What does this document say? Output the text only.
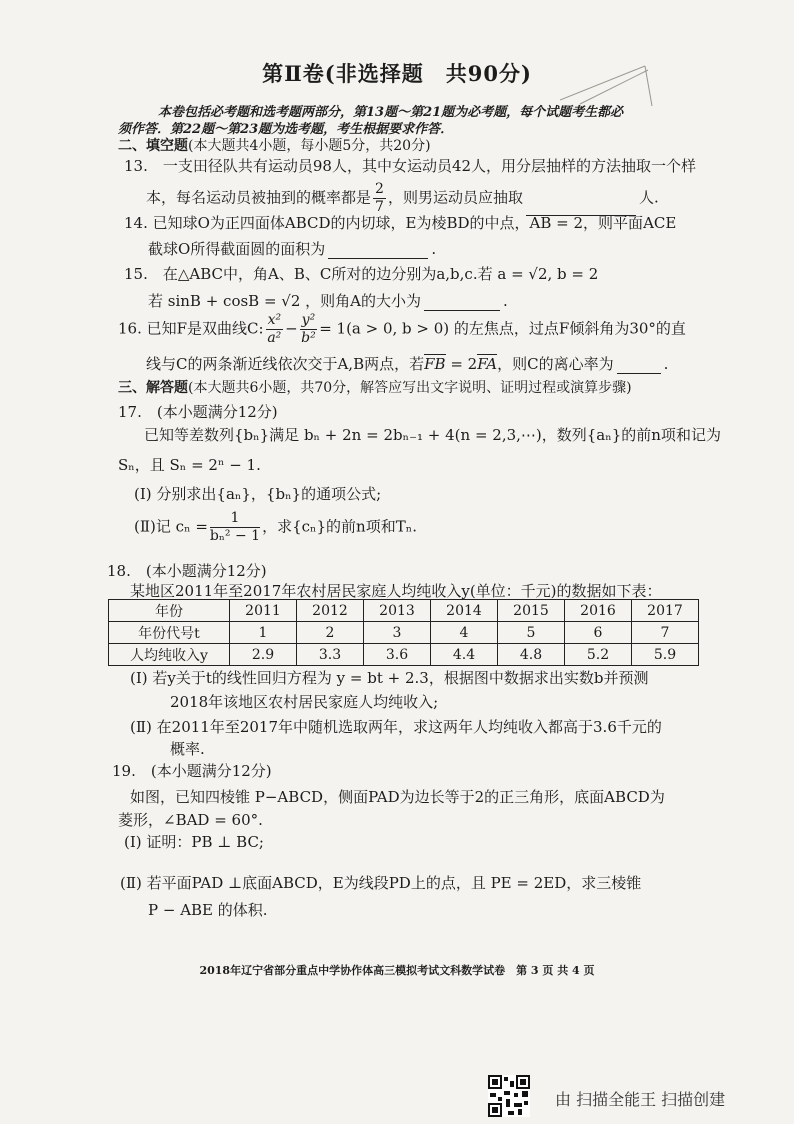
第Ⅱ卷(非选择题　共90分)
本卷包括必考题和选考题两部分，第13题～第21题为必考题，每个试题考生都必
须作答．第22题～第23题为选考题，考生根据要求作答．
二、填空题(本大题共4小题，每小题5分，共20分)
13.　一支田径队共有运动员98人，其中女运动员42人，用分层抽样的方法抽取一个样
本，每名运动员被抽到的概率都是 $\frac{2}{7}$ ，则男运动员应抽取	人.
14. 已知球O为正四面体ABCD的内切球，E为棱BD的中点，AB = 2，则平面ACE
截球O所得截面圆的面积为	.
15.　在△ABC中，角A、B、C所对的边分别为a,b,c.若 a = √2, b = 2
若 sinB + cosB = √2 ，则角A的大小为	.
16. 已知F是双曲线C: $\frac{\text{x²}}{\text{a²}} - \frac{\text{y²}}{\text{b²}} = 1(a > 0$, b > 0) 的左焦点，过点F倾斜角为30°的直
线与C的两条渐近线依次交于A,B两点，若FB = 2FA，则C的离心率为	.
三、解答题(本大题共6小题，共70分，解答应写出文字说明、证明过程或演算步骤)
17.　(本小题满分12分)
已知等差数列{bₙ}满足 bₙ + 2n = 2bₙ₋₁ + 4(n = 2,3,⋯)，数列{aₙ}的前n项和记为
Sₙ，且 Sₙ = 2ⁿ − 1.
(Ⅰ) 分别求出{aₙ}，{bₙ}的通项公式;
(Ⅱ)记 $c_n = \frac{1}{\text{bₙ² − 1}}$ ，求{cₙ}的前n项和Tₙ.
18.　(本小题满分12分)
某地区2011年至2017年农村居民家庭人均纯收入y(单位：千元)的数据如下表：
年份	2011	2012	2013	2014	2015	2016	2017
年份代号t	1	2	3	4	5	6	7
人均纯收入y	2.9	3.3	3.6	4.4	4.8	5.2	5.9
(Ⅰ) 若y关于t的线性回归方程为 y = bt + 2.3，根据图中数据求出实数b并预测
2018年该地区农村居民家庭人均纯收入;
(Ⅱ) 在2011年至2017年中随机选取两年，求这两年人均纯收入都高于3.6千元的
概率.
19.　(本小题满分12分)
如图，已知四棱锥 P−ABCD，侧面PAD为边长等于2的正三角形，底面ABCD为
菱形，∠BAD = 60°.
(Ⅰ) 证明：PB ⊥ BC;
(Ⅱ) 若平面PAD ⊥底面ABCD，E为线段PD上的点，且 PE = 2ED，求三棱锥
P − ABE 的体积.
2018年辽宁省部分重点中学协作体高三模拟考试文科数学试卷　第 3 页 共 4 页
由 扫描全能王 扫描创建
